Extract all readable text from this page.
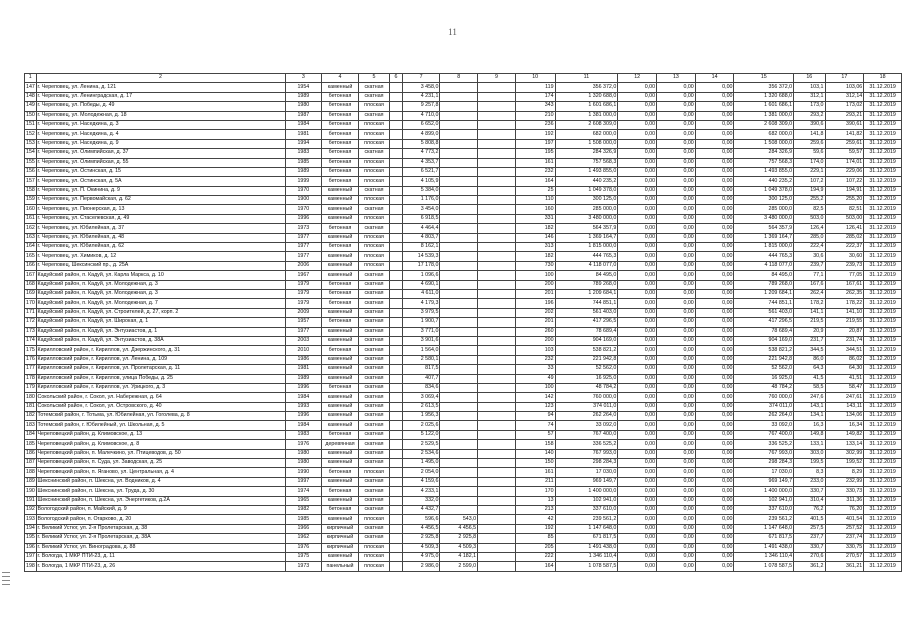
11
1	2	3	4	5	6	7	8	9	10	11	12	13	14	15	16	17	18
147	г. Череповец, ул. Ленина, д. 121	1954	каменный	скатная		3 458,0			119	356 372,0	0,00	0,00	0,00	356 372,0	103,1	103,06	31.12.2019
148	г. Череповец, ул. Ленинградская, д. 17	1989	бетонная	скатная		4 231,1			174	1 320 688,0	0,00	0,00	0,00	1 320 688,0	312,1	312,14	31.12.2019
149	г. Череповец, ул. Победы, д. 49	1980	бетонная	плоская		9 257,8			343	1 601 686,1	0,00	0,00	0,00	1 601 686,1	173,0	173,02	31.12.2019
150	г. Череповец, ул. Молодежная, д. 18	1987	бетонная	скатная		4 710,0			210	1 381 000,0	0,00	0,00	0,00	1 381 000,0	293,2	293,21	31.12.2019
151	г. Череповец, ул. Наседкина, д. 3	1984	бетонная	плоская		6 652,0			236	2 608 309,0	0,00	0,00	0,00	2 608 309,0	390,6	390,61	31.12.2019
152	г. Череповец, ул. Наседкина, д. 4	1981	бетонная	плоская		4 899,0			192	682 000,0	0,00	0,00	0,00	682 000,0	141,8	141,82	31.12.2019
153	г. Череповец, ул. Наседкина, д. 9	1994	бетонная	плоская		5 808,8			197	1 508 000,0	0,00	0,00	0,00	1 508 000,0	259,6	259,61	31.12.2019
154	г. Череповец, ул. Олимпийская, д. 37	1983	бетонная	скатная		4 773,2			195	284 326,9	0,00	0,00	0,00	284 326,9	59,6	59,57	31.12.2019
155	г. Череповец, ул. Олимпийская, д. 55	1985	бетонная	плоская		4 353,7			161	757 568,3	0,00	0,00	0,00	757 568,3	174,0	174,01	31.12.2019
156	г. Череповец, ул. Остинская, д. 15	1989	бетонная	плоская		6 521,7			232	1 493 855,0	0,00	0,00	0,00	1 493 855,0	229,1	229,06	31.12.2019
157	г. Череповец, ул. Остинская, д. 5А	1999	бетонная	плоская		4 105,9			164	440 235,2	0,00	0,00	0,00	440 235,2	107,2	107,22	31.12.2019
158	г. Череповец, ул. П. Окинина, д. 9	1970	каменный	скатная		5 384,0			25	1 049 378,0	0,00	0,00	0,00	1 049 378,0	194,9	194,91	31.12.2019
159	г. Череповец, ул. Первомайская, д. 62	1900	каменный	плоская		1 176,0			110	300 125,0	0,00	0,00	0,00	300 125,0	255,2	255,20	31.12.2019
160	г. Череповец, ул. Пионерская, д. 13	1970	каменный	скатная		3 454,0			160	285 000,0	0,00	0,00	0,00	285 000,0	82,5	82,51	31.12.2019
161	г. Череповец, ул. Стаселевская, д. 49	1996	каменный	плоская		6 918,5			331	3 480 000,0	0,00	0,00	0,00	3 480 000,0	503,0	503,00	31.12.2019
162	г. Череповец, ул. Юбилейная, д. 37	1973	бетонная	скатная		4 464,4			182	564 357,9	0,00	0,00	0,00	564 357,9	126,4	126,41	31.12.2019
163	г. Череповец, ул. Юбилейная, д. 48	1977	каменный	плоская		4 803,7			146	1 369 164,7	0,00	0,00	0,00	1 369 164,7	285,0	285,02	31.12.2019
164	г. Череповец, ул. Юбилейная, д. 62	1977	бетонная	плоская		8 162,1			313	1 815 000,0	0,00	0,00	0,00	1 815 000,0	222,4	222,37	31.12.2019
165	г. Череповец, ул. Химиков, д. 12	1977	каменный	плоская		14 539,3			182	444 765,3	0,00	0,00	0,00	444 765,3	30,6	30,60	31.12.2019
166	г. Череповец, Шексинский пр., д. 25А	2006	каменный	плоская		17 178,0			730	4 118 077,0	0,00	0,00	0,00	4 118 077,0	239,7	239,73	31.12.2019
167	Кадуйский район, п. Кадуй, ул. Карла Маркса, д. 10	1967	каменный	скатная		1 096,6			100	84 495,0	0,00	0,00	0,00	84 495,0	77,1	77,05	31.12.2019
168	Кадуйский район, п. Кадуй, ул. Молодежная, д. 3	1979	бетонная	скатная		4 690,1			200	789 268,0	0,00	0,00	0,00	789 268,0	167,6	167,61	31.12.2019
169	Кадуйский район, п. Кадуй, ул. Молодежная, д. 3	1979	бетонная	скатная		4 611,0			201	1 209 684,1	0,00	0,00	0,00	1 209 684,1	262,4	262,35	31.12.2019
170	Кадуйский район, п. Кадуй, ул. Молодежная, д. 7	1979	бетонная	скатная		4 179,3			196	744 851,1	0,00	0,00	0,00	744 851,1	178,2	178,22	31.12.2019
171	Кадуйский район, п. Кадуй, ул. Строителей, д. 27, корп. 2	2009	каменный	скатная		3 979,5			202	561 403,0	0,00	0,00	0,00	561 403,0	141,1	141,10	31.12.2019
172	Кадуйский район, п. Кадуй, ул. Широкая, д. 1	1957	бетонная	скатная		1 900,7			201	417 296,5	0,00	0,00	0,00	417 296,5	219,5	219,55	31.12.2019
173	Кадуйский район, п. Кадуй, ул. Энтузиастов, д. 1	1977	каменный	скатная		3 771,0			260	78 689,4	0,00	0,00	0,00	78 689,4	20,9	20,87	31.12.2019
174	Кадуйский район, п. Кадуй, ул. Энтузиастов, д. 38А	2003	каменный	скатная		3 901,6			200	904 169,0	0,00	0,00	0,00	904 169,0	231,7	231,74	31.12.2019
175	Кирилловский район, г. Кириллов, ул. Дзержинского, д. 31	2010	бетонная	скатная		1 564,0			103	538 821,2	0,00	0,00	0,00	538 821,2	344,5	344,51	31.12.2019
176	Кирилловский район, г. Кириллов, ул. Ленина, д. 109	1986	каменный	скатная		2 580,1			232	221 942,8	0,00	0,00	0,00	221 942,8	86,0	86,02	31.12.2019
177	Кирилловский район, г. Кириллов, ул. Пролетарская, д. 11	1981	каменный	скатная		817,5			33	52 562,0	0,00	0,00	0,00	52 562,0	64,3	64,30	31.12.2019
178	Кирилловский район, г. Кириллов, улица Победы, д. 25	1989	каменный	скатная		407,7			49	16 925,0	0,00	0,00	0,00	16 925,0	41,5	41,51	31.12.2019
179	Кирилловский район, г. Кириллов, ул. Урицкого, д. 3	1996	бетонная	скатная		834,6			100	48 784,2	0,00	0,00	0,00	48 784,2	58,5	58,47	31.12.2019
180	Сокольский район, г. Сокол, ул. Набережная, д. 64	1984	каменный	скатная		3 069,4			142	760 000,0	0,00	0,00	0,00	760 000,0	247,6	247,61	31.12.2019
181	Сокольский район, г. Сокол, ул. Островского, д. 40	1993	каменный	скатная		2 613,5			123	374 011,0	0,00	0,00	0,00	374 011,0	143,1	143,11	31.12.2019
182	Тотемский район, г. Тотьма, ул. Юбилейная, ул. Гоголева, д. 8	1996	каменный	скатная		1 956,3			94	262 264,0	0,00	0,00	0,00	262 264,0	134,1	134,06	31.12.2019
183	Тотемский район, г. Юбилейный, ул. Школьная, д. 5	1984	каменный	скатная		2 025,6			74	33 092,0	0,00	0,00	0,00	33 092,0	16,3	16,34	31.12.2019
184	Череповецкий район, д. Климовское, д. 13	1983	бетонная	скатная		5 122,0			57	767 400,0	0,00	0,00	0,00	767 400,0	149,8	149,82	31.12.2019
185	Череповецкий район, д. Климовское, д. 8	1976	деревянная	скатная		2 529,5			158	336 525,2	0,00	0,00	0,00	336 525,2	133,1	133,14	31.12.2019
186	Череповецкий район, п. Малечкино, ул. Птицеводов, д. 50	1980	каменный	скатная		2 534,6			140	767 993,0	0,00	0,00	0,00	767 993,0	303,0	302,99	31.12.2019
187	Череповецкий район, п. Суда, ул. Заводская, д. 25	1980	каменный	скатная		1 495,0			150	298 284,3	0,00	0,00	0,00	298 284,3	199,5	199,52	31.12.2019
188	Череповецкий район, п. Ягановo, ул. Центральная, д. 4	1990	бетонная	плоская		2 054,0			161	17 030,0	0,00	0,00	0,00	17 030,0	8,3	8,29	31.12.2019
189	Шекснинский район, п. Шексна, ул. Водников, д. 4	1997	каменный	скатная		4 159,6			211	969 149,7	0,00	0,00	0,00	969 149,7	233,0	232,99	31.12.2019
190	Шекснинский район, п. Шексна, ул. Труда, д. 30	1974	бетонная	скатная		4 233,1			170	1 400 000,0	0,00	0,00	0,00	1 400 000,0	330,7	330,73	31.12.2019
191	Шекснинский район, п. Шексна, ул. Энергетиков, д.2А	1965	каменный	скатная		332,0			13	102 941,0	0,00	0,00	0,00	102 941,0	310,4	311,36	31.12.2019
192	Вологодский район, п. Майский, д. 9	1982	бетонная	скатная		4 432,7			213	337 610,0	0,00	0,00	0,00	337 610,0	76,2	76,20	31.12.2019
193	Вологодский район, п. Огарково, д. 20	1985	каменный	плоская		596,6	543,0		42	239 561,2	0,00	0,00	0,00	239 561,2	401,5	401,54	31.12.2019
194	г. Великий Устюг, ул. 2-я Пролетарская, д. 38	1966	кирпичный	скатная		4 456,5	4 456,5		192	1 147 648,0	0,00	0,00	0,00	1 147 648,0	257,5	257,52	31.12.2019
195	г. Великий Устюг, ул. 2-я Пролетарская, д. 38А	1962	кирпичный	скатная		2 925,8	2 925,8		85	671 817,5	0,00	0,00	0,00	671 817,5	237,7	237,74	31.12.2019
196	г. Великий Устюг, ул. Виноградова, д. 88	1976	кирпичный	плоская		4 509,3	4 509,3		205	1 491 438,0	0,00	0,00	0,00	1 491 438,0	330,7	330,75	31.12.2019
197	г. Вологда, 1 МКР ПТИ-23, д. 11	1975	каменный	плоская		4 975,0	4 182,1		222	1 346 110,4	0,00	0,00	0,00	1 346 110,4	270,6	270,57	31.12.2019
198	г. Вологда, 1 МКР ПТИ-23, д. 26	1973	панельный	плоская		2 986,0	2 599,0		164	1 078 587,5	0,00	0,00	0,00	1 078 587,5	361,2	361,21	31.12.2019
